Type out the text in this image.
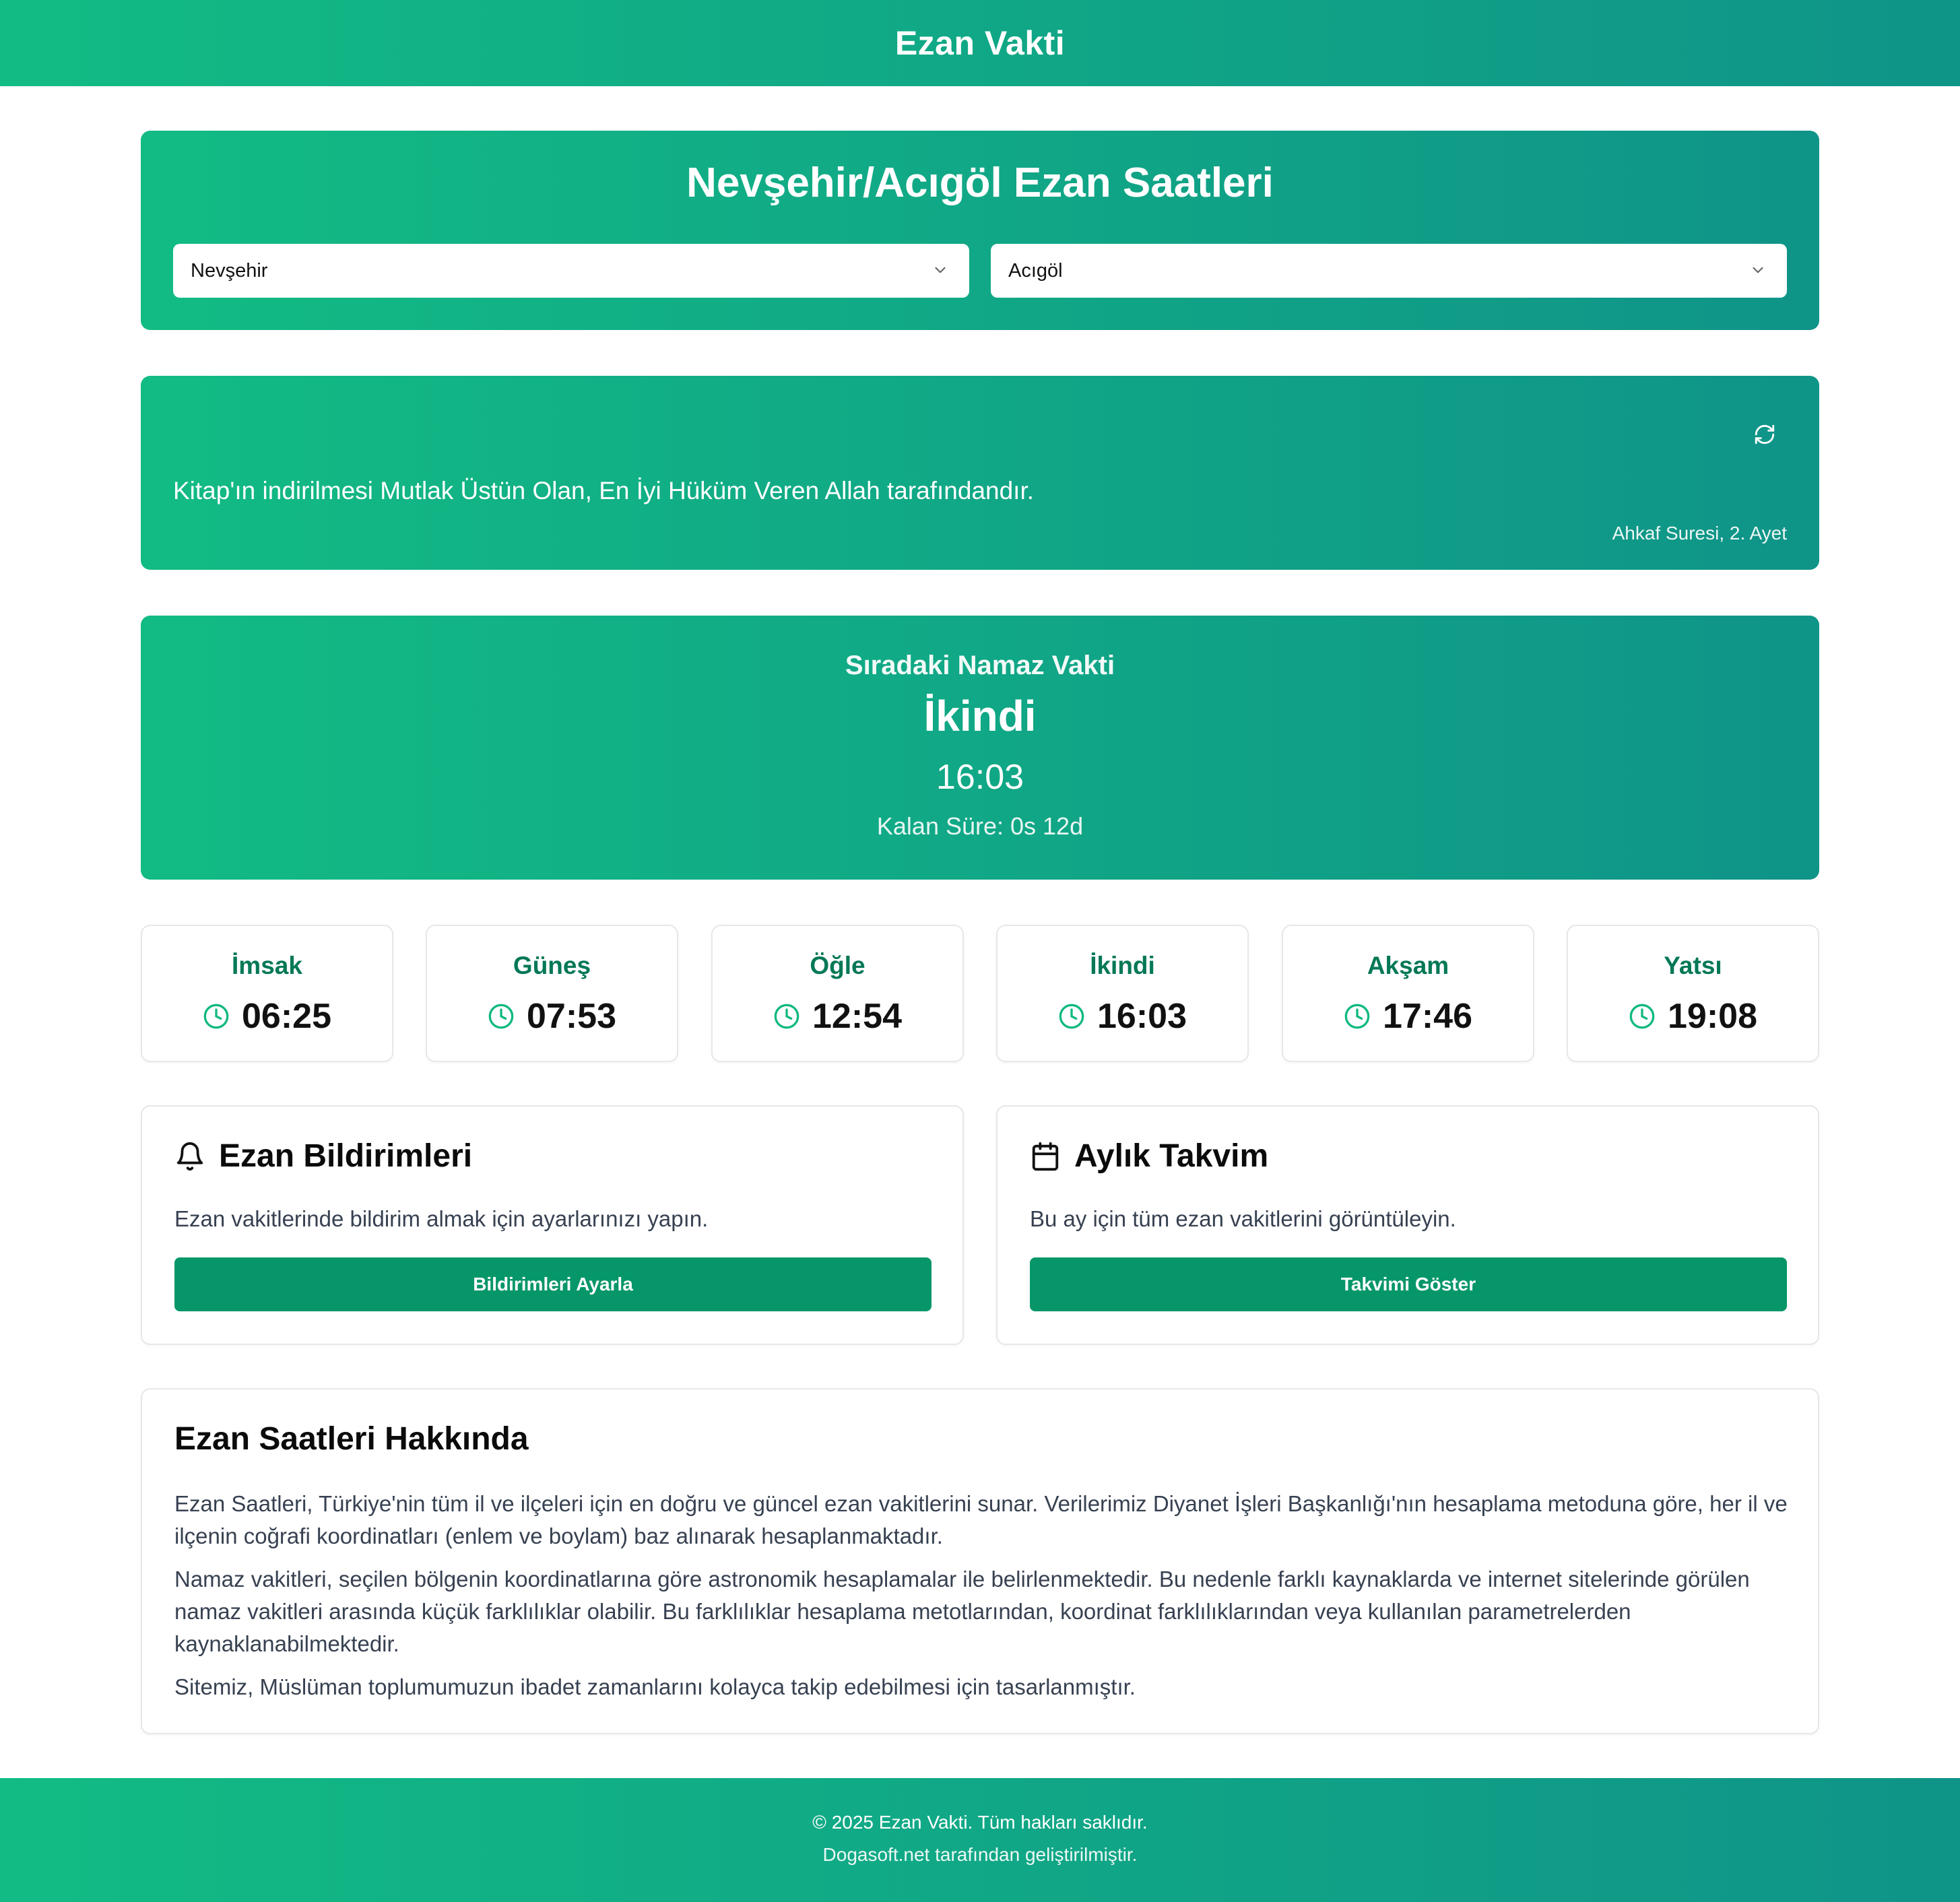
Ezan Vakti
Nevşehir/Acıgöl Ezan Saatleri
Nevşehir	Acıgöl
Kitap'ın indirilmesi Mutlak Üstün Olan, En İyi Hüküm Veren Allah tarafındandır.
Ahkaf Suresi, 2. Ayet
Sıradaki Namaz Vakti
İkindi
16:03
Kalan Süre: 0s 12d
İmsak
06:25
Güneş
07:53
Öğle
12:54
İkindi
16:03
Akşam
17:46
Yatsı
19:08
Ezan Bildirimleri
Ezan vakitlerinde bildirim almak için ayarlarınızı yapın.
Bildirimleri Ayarla
Aylık Takvim
Bu ay için tüm ezan vakitlerini görüntüleyin.
Takvimi Göster
Ezan Saatleri Hakkında

Ezan Saatleri, Türkiye'nin tüm il ve ilçeleri için en doğru ve güncel ezan vakitlerini sunar. Verilerimiz Diyanet İşleri Başkanlığı'nın hesaplama metoduna göre, her il ve ilçenin coğrafi koordinatları (enlem ve boylam) baz alınarak hesaplanmaktadır.

Namaz vakitleri, seçilen bölgenin koordinatlarına göre astronomik hesaplamalar ile belirlenmektedir. Bu nedenle farklı kaynaklarda ve internet sitelerinde görülen namaz vakitleri arasında küçük farklılıklar olabilir. Bu farklılıklar hesaplama metotlarından, koordinat farklılıklarından veya kullanılan parametrelerden kaynaklanabilmektedir.

Sitemiz, Müslüman toplumumuzun ibadet zamanlarını kolayca takip edebilmesi için tasarlanmıştır.

© 2025 Ezan Vakti. Tüm hakları saklıdır.
Dogasoft.net tarafından geliştirilmiştir.
